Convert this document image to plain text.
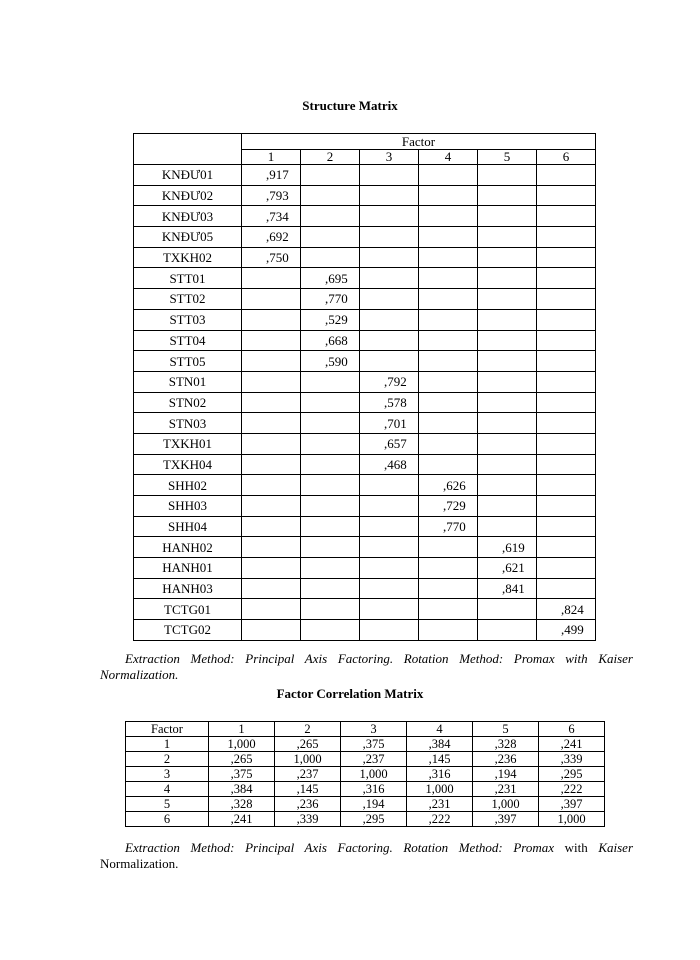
Structure Matrix
	Factor					
	1	2	3	4	5	6
KNĐƯ01	,917					
KNĐƯ02	,793					
KNĐƯ03	,734					
KNĐƯ05	,692					
TXKH02	,750					
STT01		,695				
STT02		,770				
STT03		,529				
STT04		,668				
STT05		,590				
STN01			,792			
STN02			,578			
STN03			,701			
TXKH01			,657			
TXKH04			,468			
SHH02				,626		
SHH03				,729		
SHH04				,770		
HANH02					,619	
HANH01					,621	
HANH03					,841	
TCTG01						,824
TCTG02						,499
Extraction Method: Principal Axis Factoring. Rotation Method: Promax with Kaiser Normalization.
Factor Correlation Matrix
Factor	1	2	3	4	5	6
1	1,000	,265	,375	,384	,328	,241
2	,265	1,000	,237	,145	,236	,339
3	,375	,237	1,000	,316	,194	,295
4	,384	,145	,316	1,000	,231	,222
5	,328	,236	,194	,231	1,000	,397
6	,241	,339	,295	,222	,397	1,000
Extraction Method: Principal Axis Factoring. Rotation Method: Promax with Kaiser Normalization.
